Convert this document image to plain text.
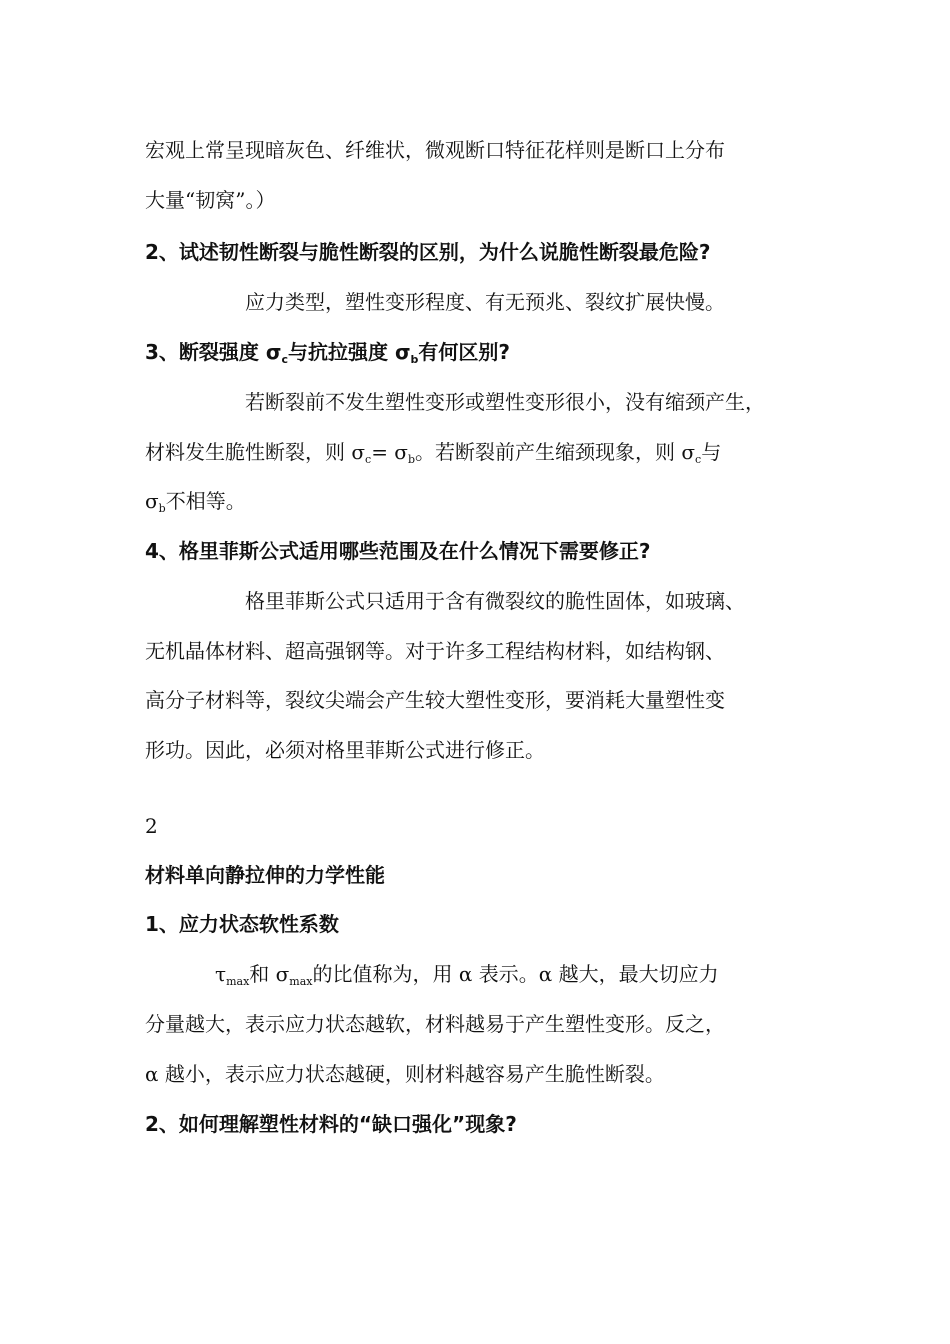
宏观上常呈现暗灰色、纤维状，微观断口特征花样则是断口上分布
大量“韧窝”。）
2、试述韧性断裂与脆性断裂的区别，为什么说脆性断裂最危险?
应力类型，塑性变形程度、有无预兆、裂纹扩展快慢。
3、断裂强度 $\sigma_c$与抗拉强度 $\sigma_b$有何区别?
若断裂前不发生塑性变形或塑性变形很小，没有缩颈产生，
材料发生脆性断裂，则 $\sigma_c= \sigma_b$。若断裂前产生缩颈现象，则 $\sigma_c$与
$\sigma_b$不相等。
4、格里菲斯公式适用哪些范围及在什么情况下需要修正?
格里菲斯公式只适用于含有微裂纹的脆性固体，如玻璃、
无机晶体材料、超高强钢等。对于许多工程结构材料，如结构钢、
高分子材料等，裂纹尖端会产生较大塑性变形，要消耗大量塑性变
形功。因此，必须对格里菲斯公式进行修正。
2
材料单向静拉伸的力学性能
1、应力状态软性系数
$\tau_{max}$和 $\sigma_{max}$的比值称为，用 α 表示。α 越大，最大切应力
分量越大，表示应力状态越软，材料越易于产生塑性变形。反之，
α 越小，表示应力状态越硬，则材料越容易产生脆性断裂。
2、如何理解塑性材料的“缺口强化”现象?
